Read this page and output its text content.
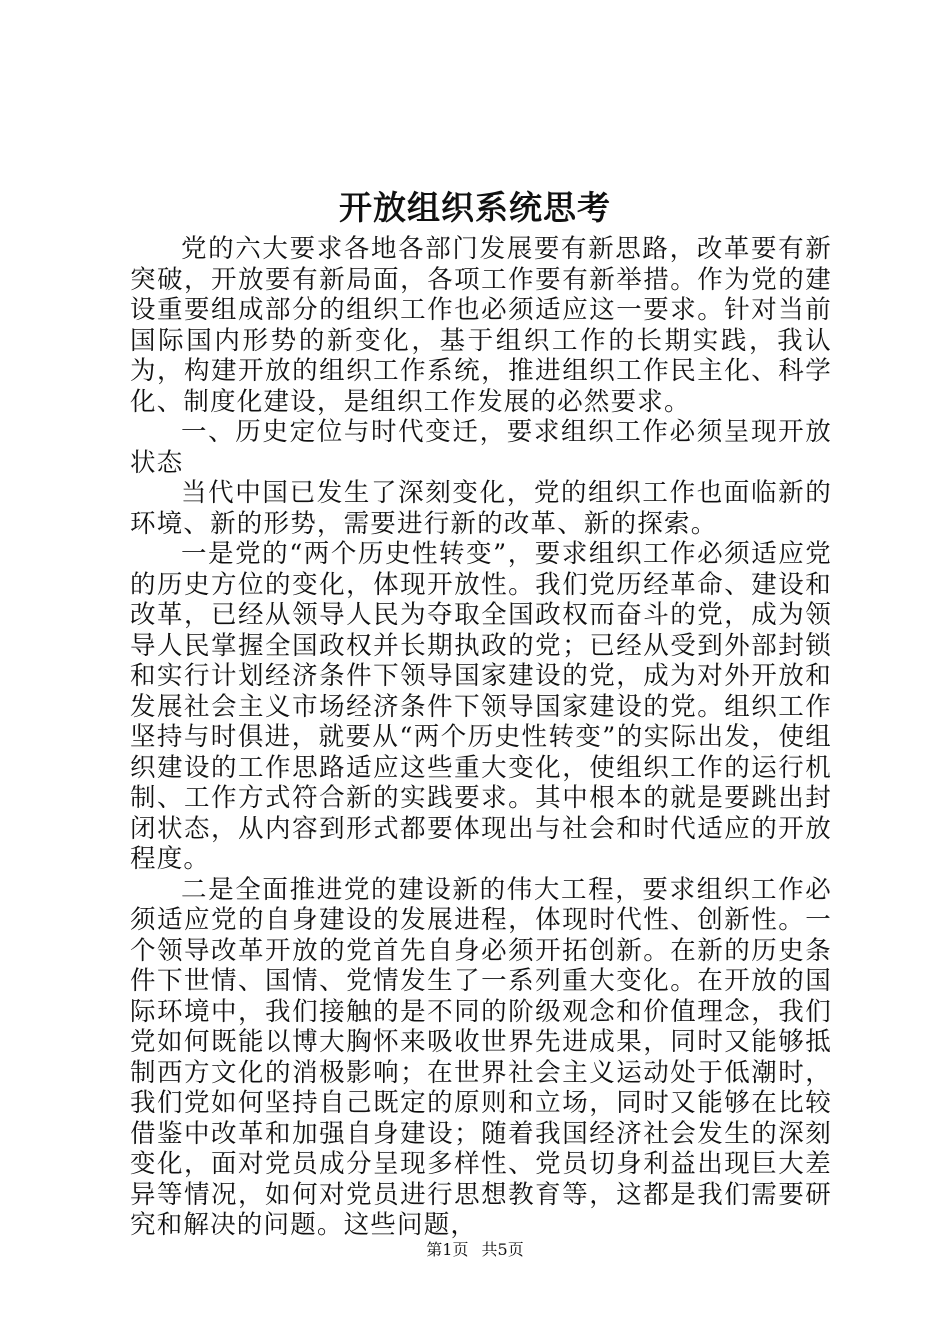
开放组织系统思考

党的六大要求各地各部门发展要有新思路，改革要有新突破，开放要有新局面，各项工作要有新举措。作为党的建设重要组成部分的组织工作也必须适应这一要求。针对当前国际国内形势的新变化，基于组织工作的长期实践，我认为，构建开放的组织工作系统，推进组织工作民主化、科学化、制度化建设，是组织工作发展的必然要求。

一、历史定位与时代变迁，要求组织工作必须呈现开放状态

当代中国已发生了深刻变化，党的组织工作也面临新的环境、新的形势，需要进行新的改革、新的探索。

一是党的“两个历史性转变”，要求组织工作必须适应党的历史方位的变化，体现开放性。我们党历经革命、建设和改革，已经从领导人民为夺取全国政权而奋斗的党，成为领导人民掌握全国政权并长期执政的党；已经从受到外部封锁和实行计划经济条件下领导国家建设的党，成为对外开放和发展社会主义市场经济条件下领导国家建设的党。组织工作坚持与时俱进，就要从“两个历史性转变”的实际出发，使组织建设的工作思路适应这些重大变化，使组织工作的运行机制、工作方式符合新的实践要求。其中根本的就是要跳出封闭状态，从内容到形式都要体现出与社会和时代适应的开放程度。

二是全面推进党的建设新的伟大工程，要求组织工作必须适应党的自身建设的发展进程，体现时代性、创新性。一个领导改革开放的党首先自身必须开拓创新。在新的历史条件下世情、国情、党情发生了一系列重大变化。在开放的国际环境中，我们接触的是不同的阶级观念和价值理念，我们党如何既能以博大胸怀来吸收世界先进成果，同时又能够抵制西方文化的消极影响；在世界社会主义运动处于低潮时，我们党如何坚持自己既定的原则和立场，同时又能够在比较借鉴中改革和加强自身建设；随着我国经济社会发生的深刻变化，面对党员成分呈现多样性、党员切身利益出现巨大差异等情况，如何对党员进行思想教育等，这都是我们需要研究和解决的问题。这些问题，

第1页 共5页
